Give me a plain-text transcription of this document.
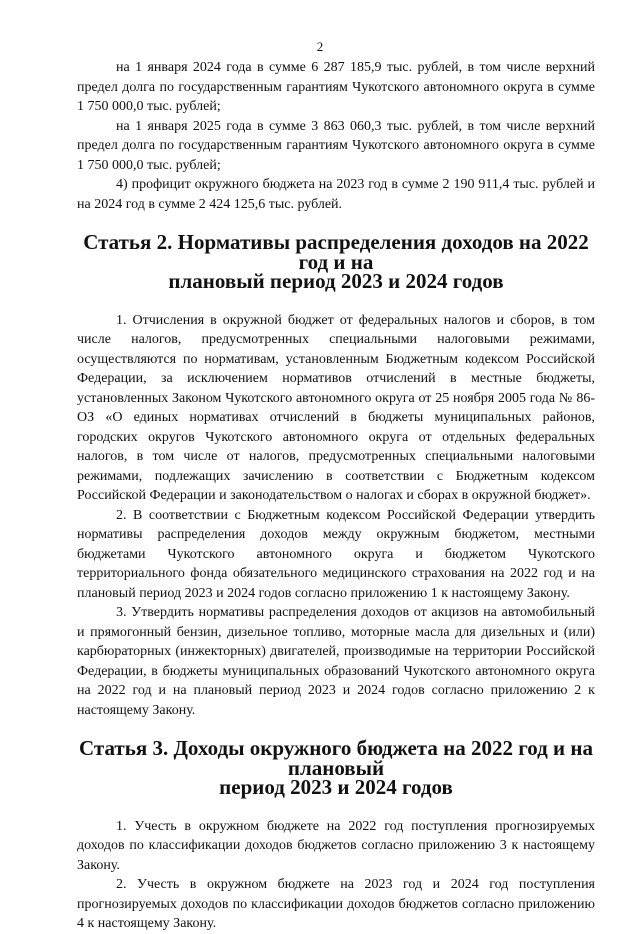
2

на 1 января 2024 года в сумме 6 287 185,9 тыс. рублей, в том числе верхний предел долга по государственным гарантиям Чукотского автономного округа в сумме 1 750 000,0 тыс. рублей;

на 1 января 2025 года в сумме 3 863 060,3 тыс. рублей, в том числе верхний предел долга по государственным гарантиям Чукотского автономного округа в сумме 1 750 000,0 тыс. рублей;

4) профицит окружного бюджета на 2023 год в сумме 2 190 911,4 тыс. рублей и на 2024 год в сумме 2 424 125,6 тыс. рублей.

Статья 2. Нормативы распределения доходов на 2022 год и на
плановый период 2023 и 2024 годов

1. Отчисления в окружной бюджет от федеральных налогов и сборов, в том числе налогов, предусмотренных специальными налоговыми режимами, осуществляются по нормативам, установленным Бюджетным кодексом Российской Федерации, за исключением нормативов отчислений в местные бюджеты, установленных Законом Чукотского автономного округа от 25 ноября 2005 года № 86-ОЗ «О единых нормативах отчислений в бюджеты муниципальных районов, городских округов Чукотского автономного округа от отдельных федеральных налогов, в том числе от налогов, предусмотренных специальными налоговыми режимами, подлежащих зачислению в соответствии с Бюджетным кодексом Российской Федерации и законодательством о налогах и сборах в окружной бюджет».

2. В соответствии с Бюджетным кодексом Российской Федерации утвердить нормативы распределения доходов между окружным бюджетом, местными бюджетами Чукотского автономного округа и бюджетом Чукотского территориального фонда обязательного медицинского страхования на 2022 год и на плановый период 2023 и 2024 годов согласно приложению 1 к настоящему Закону.

3. Утвердить нормативы распределения доходов от акцизов на автомобильный и прямогонный бензин, дизельное топливо, моторные масла для дизельных и (или) карбюраторных (инжекторных) двигателей, производимые на территории Российской Федерации, в бюджеты муниципальных образований Чукотского автономного округа на 2022 год и на плановый период 2023 и 2024 годов согласно приложению 2 к настоящему Закону.

Статья 3. Доходы окружного бюджета на 2022 год и на плановый
период 2023 и 2024 годов

1. Учесть в окружном бюджете на 2022 год поступления прогнозируемых доходов по классификации доходов бюджетов согласно приложению 3 к настоящему Закону.

2. Учесть в окружном бюджете на 2023 год и 2024 год поступления прогнозируемых доходов по классификации доходов бюджетов согласно приложению 4 к настоящему Закону.
